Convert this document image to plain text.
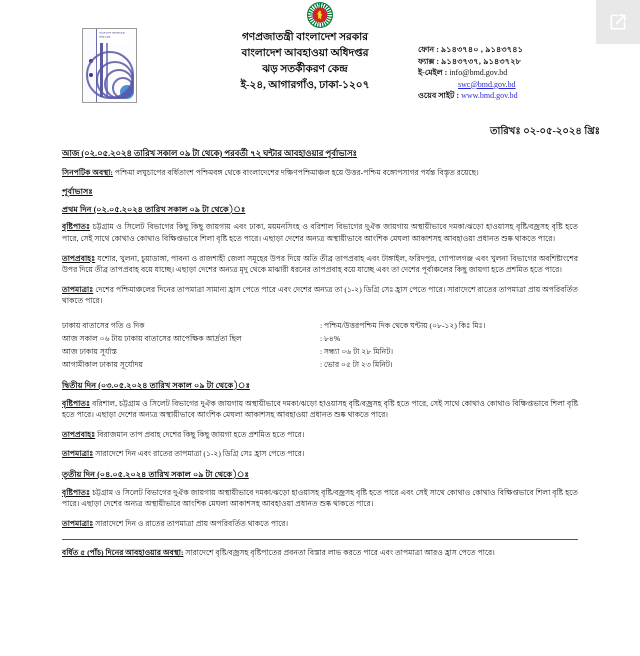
বাংলাদেশ আবহাওয়া অধিদপ্তর	গণপ্রজাতন্ত্রী বাংলাদেশ সরকার
বাংলাদেশ আবহাওয়া অধিদপ্তর
ঝড় সতর্কীকরণ কেন্দ্র
ই-২৪, আগারগাঁও, ঢাকা-১২০৭
ফোন : ৯১৪৩৭৪০ , ৯১৪৩৭৪১
ফ্যাক্স : ৯১৪৩৭৩৭, ৯১৪৩৭২৮
ই-মেইল : info@bmd.gov.bd
swc@bmd.gov.bd
ওয়েব সাইট : www.bmd.gov.bd
তারিখঃ ০২-০৫-২০২৪ খ্রিঃ
আজ (০২.০৫.২০২৪ তারিখ সকাল ০৯ টা থেকে) পরবর্তী ৭২ ঘন্টার আবহাওয়ার পূর্বাভাসঃ
সিনপটিক অবস্থা: পশ্চিমা লঘুচাপের বর্ধিতাংশ পশ্চিমবঙ্গ থেকে বাংলাদেশের দক্ষিণপশ্চিমাঞ্চল হয়ে উত্তর-পশ্চিম বঙ্গোপসাগর পর্যন্ত বিস্তৃত রয়েছে।
পূর্বাভাসঃ
প্রথম দিন (০২.০৫.২০২৪ তারিখ সকাল ০৯ টা থেকে)ঃ
বৃষ্টিপাতঃ চট্টগ্রাম ও সিলেট বিভাগের কিছু কিছু জায়গায় এবং ঢাকা, ময়মনসিংহ ও বরিশাল বিভাগের দু্ঐক জায়গায় অস্থায়ীভাবে দমকা/ঝড়ো হাওয়াসহ বৃষ্টি/বজ্রসহ বৃষ্টি হতে পারে, সেই সাথে কোথাও কোথাও বিক্ষিপ্তভাবে শিলা বৃষ্টি হতে পারে। এছাড়া দেশের অন্যত্র অস্থায়ীভাবে আংশিক মেঘলা আকাশসহ আবহাওয়া প্রধানত শুষ্ক থাকতে পারে।
তাপপ্রবাহঃ যশোর, খুলনা, চুয়াডাঙ্গা, পাবনা ও রাজশাহী জেলা সমূহের উপর দিয়ে অতি তীব্র তাপপ্রবাহ এবং টাঙ্গাইল, ফরিদপুর, গোপালগঞ্জ এবং খুলনা বিভাগের অবশিষ্টাংশের উপর দিয়ে তীব্র তাপপ্রবাহ বয়ে যাচ্ছে। এছাড়া দেশের অন্যত্র মৃদু থেকে মাঝারী ধরনের তাপপ্রবাহ বয়ে যাচ্ছে এবং তা দেশের পূর্বাঞ্চলের কিছু জায়গা হতে প্রশমিত হতে পারে।
তাপমাত্রাঃ দেশের পশ্চিমাঞ্চলের দিনের তাপমাত্রা সামান্য হ্রাস পেতে পারে এবং দেশের অন্যত্র তা (১-২) ডিগ্রি সেঃ হ্রাস পেতে পারে। সারাদেশে রাতের তাপমাত্রা প্রায় অপরিবর্তিত থাকতে পারে।
ঢাকায় বাতাসের গতি ও দিক	: পশ্চিম/উত্তরপশ্চিম দিক থেকে ঘন্টায় (০৮-১২) কিঃ মিঃ।
আজ সকাল ০৬ টায় ঢাকায় বাতাসের আপেক্ষিক আর্দ্রতা ছিল	: ৮৪%
আজ ঢাকায় সূর্যাস্ত	: সন্ধ্যা ০৬ টা ২৮ মিনিট।
আগামীকাল ঢাকায় সূর্যোদয়	: ভোর ০৫ টা ২৩ মিনিট।
দ্বিতীয় দিন (০৩.০৫.২০২৪ তারিখ সকাল ০৯ টা থেকে)ঃ
বৃষ্টিপাতঃ বরিশাল, চট্টগ্রাম ও সিলেট বিভাগের দু্ঐক জায়গায় অস্থায়ীভাবে দমকা/ঝড়ো হাওয়াসহ বৃষ্টি/বজ্রসহ বৃষ্টি হতে পারে, সেই সাথে কোথাও কোথাও বিক্ষিপ্তভাবে শিলা বৃষ্টি হতে পারে। এছাড়া দেশের অন্যত্র অস্থায়ীভাবে আংশিক মেঘলা আকাশসহ আবহাওয়া প্রধানত শুষ্ক থাকতে পারে।
তাপপ্রবাহঃ বিরাজমান তাপ প্রবাহ দেশের কিছু কিছু জায়গা হতে প্রশমিত হতে পারে।
তাপমাত্রাঃ সারাদেশে দিন এবং রাতের তাপমাত্রা (১-২) ডিগ্রি সেঃ হ্রাস পেতে পারে।
তৃতীয় দিন (০৪.০৫.২০২৪ তারিখ সকাল ০৯ টা থেকে)ঃ
বৃষ্টিপাতঃ চট্টগ্রাম ও সিলেট বিভাগের দু্ঐক জায়গায় অস্থায়ীভাবে দমকা/ঝড়ো হাওয়াসহ বৃষ্টি/বজ্রসহ বৃষ্টি হতে পারে এবং সেই সাথে কোথাও কোথাও বিক্ষিপ্তভাবে শিলা বৃষ্টি হতে পারে। এছাড়া দেশের অন্যত্র অস্থায়ীভাবে আংশিক মেঘলা আকাশসহ আবহাওয়া প্রধানত শুষ্ক থাকতে পারে।
তাপমাত্রাঃ সারাদেশে দিন ও রাতের তাপমাত্রা প্রায় অপরিবর্তিত থাকতে পারে।
বর্ধিত ৫ (পাঁচ) দিনের আবহাওয়ার অবস্থা: সারাদেশে বৃষ্টি/বজ্রসহ বৃষ্টিপাতের প্রবনতা বিস্তার লাভ করতে পারে এবং তাপমাত্রা আরও হ্রাস পেতে পারে।
